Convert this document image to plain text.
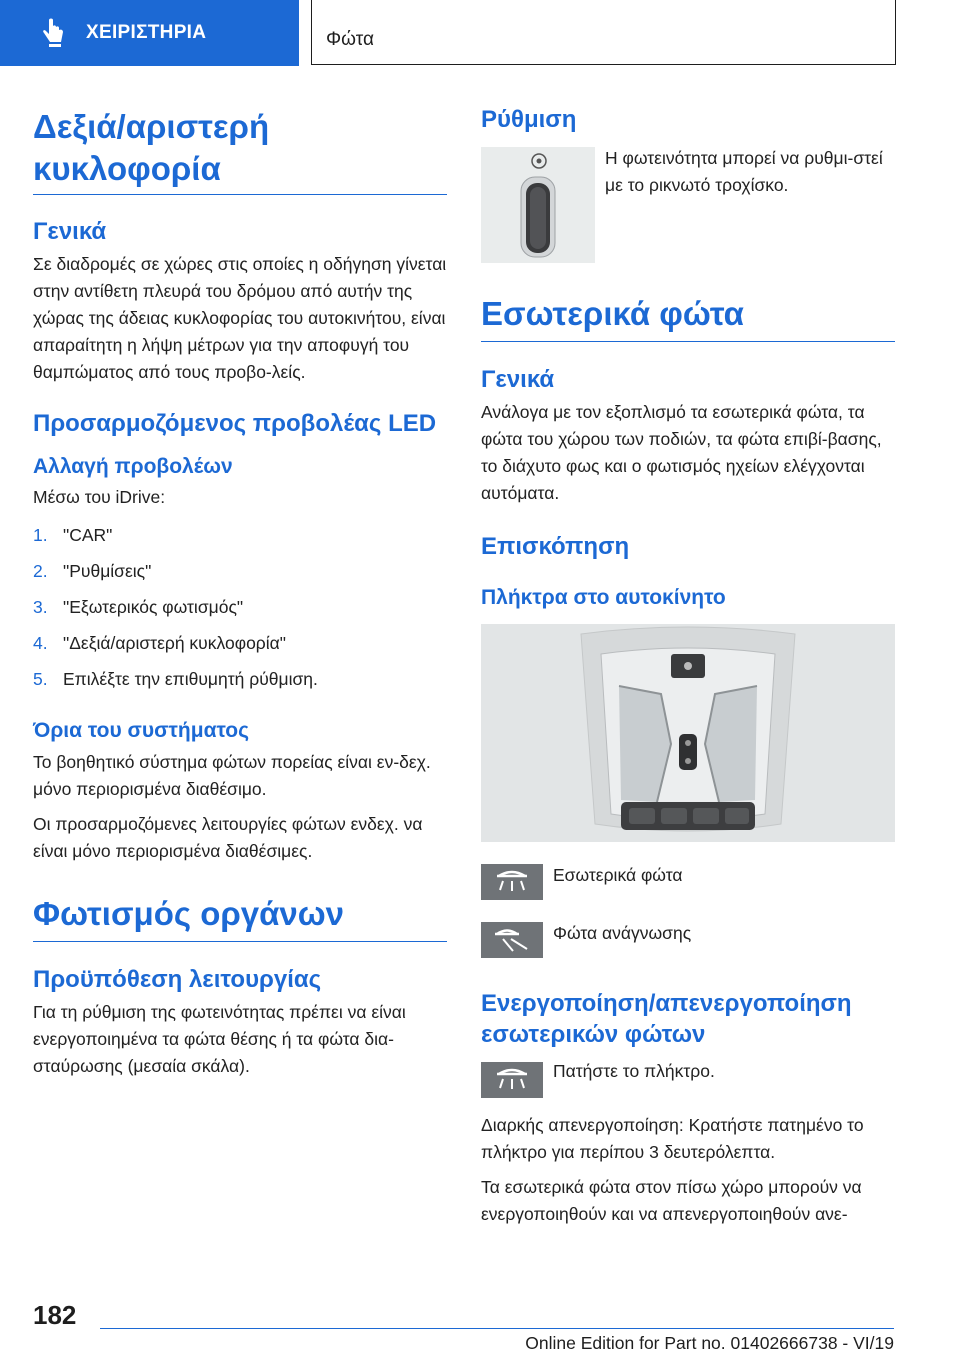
ΧΕΙΡΙΣΤΗΡΙΑ	Φώτα
Δεξιά/αριστερή κυκλοφορία
Γενικά

Σε διαδρομές σε χώρες στις οποίες η οδήγηση γίνεται στην αντίθετη πλευρά του δρόμου από αυτήν της χώρας της άδειας κυκλοφορίας του αυτοκινήτου, είναι απαραίτητη η λήψη μέτρων για την αποφυγή του θαμπώματος από τους προβο-λείς.

Προσαρμοζόμενος προβολέας LED
Αλλαγή προβολέων

Μέσω του iDrive:

1. "CAR"
2. "Ρυθμίσεις"
3. "Εξωτερικός φωτισμός"
4. "Δεξιά/αριστερή κυκλοφορία"
5. Επιλέξτε την επιθυμητή ρύθμιση.
Όρια του συστήματος

Το βοηθητικό σύστημα φώτων πορείας είναι εν-δεχ. μόνο περιορισμένα διαθέσιμο.

Οι προσαρμοζόμενες λειτουργίες φώτων ενδεχ. να είναι μόνο περιορισμένα διαθέσιμες.

Φωτισμός οργάνων
Προϋπόθεση λειτουργίας

Για τη ρύθμιση της φωτεινότητας πρέπει να είναι ενεργοποιημένα τα φώτα θέσης ή τα φώτα δια-σταύρωσης (μεσαία σκάλα).

Ρύθμιση

Η φωτεινότητα μπορεί να ρυθμι-στεί με το ρικνωτό τροχίσκο.

Εσωτερικά φώτα
Γενικά

Ανάλογα με τον εξοπλισμό τα εσωτερικά φώτα, τα φώτα του χώρου των ποδιών, τα φώτα επιβί-βασης, το διάχυτο φως και ο φωτισμός ηχείων ελέγχονται αυτόματα.

Επισκόπηση
Πλήκτρα στο αυτοκίνητο

Εσωτερικά φώτα

Φώτα ανάγνωσης

Ενεργοποίηση/απενεργοποίηση εσωτερικών φώτων

Πατήστε το πλήκτρο.

Διαρκής απενεργοποίηση: Κρατήστε πατημένο το πλήκτρο για περίπου 3 δευτερόλεπτα.

Τα εσωτερικά φώτα στον πίσω χώρο μπορούν να ενεργοποιηθούν και να απενεργοποιηθούν ανε-

182
Online Edition for Part no. 01402666738 - VI/19
